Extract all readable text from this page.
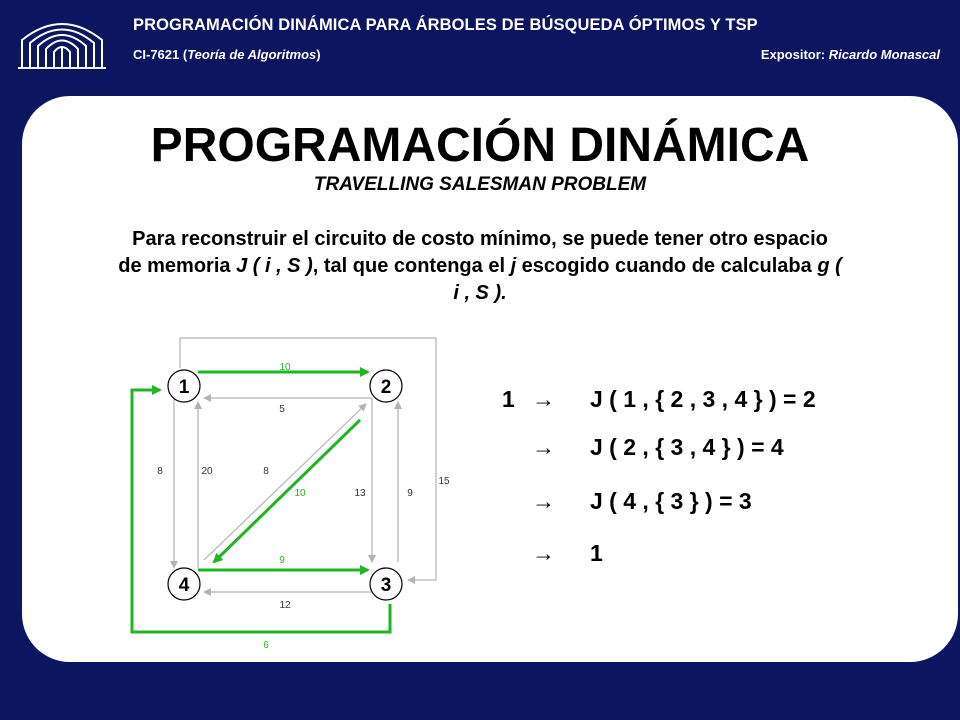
PROGRAMACIÓN DINÁMICA PARA ÁRBOLES DE BÚSQUEDA ÓPTIMOS Y TSP
CI-7621 (Teoría de Algoritmos)	Expositor: Ricardo Monascal
PROGRAMACIÓN DINÁMICA
TRAVELLING SALESMAN PROBLEM
Para reconstruir el circuito de costo mínimo, se puede tener otro espacio de memoria J ( i , S ), tal que contenga el j escogido cuando de calculaba g ( i , S ).
10
5
8	20	8
10	13	9
15
9
12
6
1	2
3
4
1 → J ( 1 , { 2 , 3 , 4 } ) = 2
→ J ( 2 , { 3 , 4 } ) = 4
→ J ( 4 , { 3 } ) = 3
→ 1
